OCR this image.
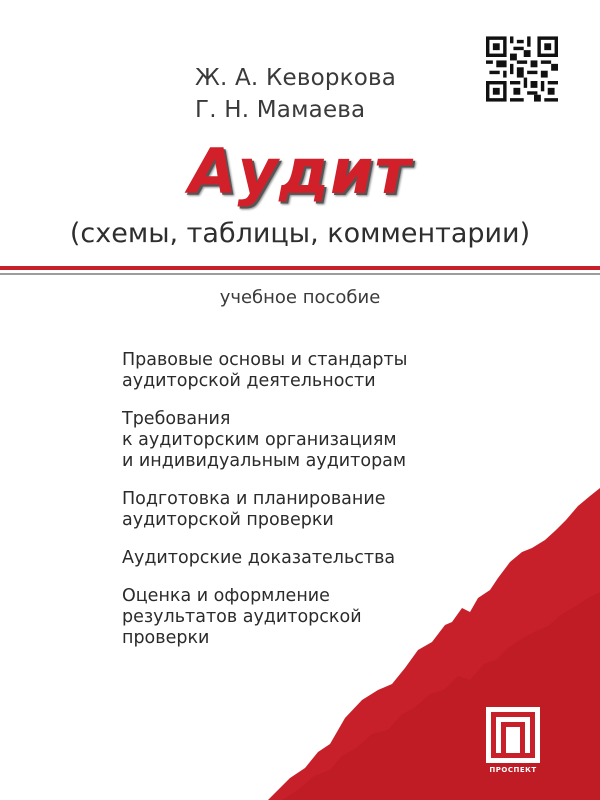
Ж. А. Кеворкова
Г. Н. Мамаева
Аудит
(схемы, таблицы, комментарии)
учебное пособие
Правовые основы и стандарты
аудиторской деятельности
Требования
к аудиторским организациям
и индивидуальным аудиторам
Подготовка и планирование
аудиторской проверки
Аудиторские доказательства
Оценка и оформление
результатов аудиторской
проверки
ПРОСПЕКТ
